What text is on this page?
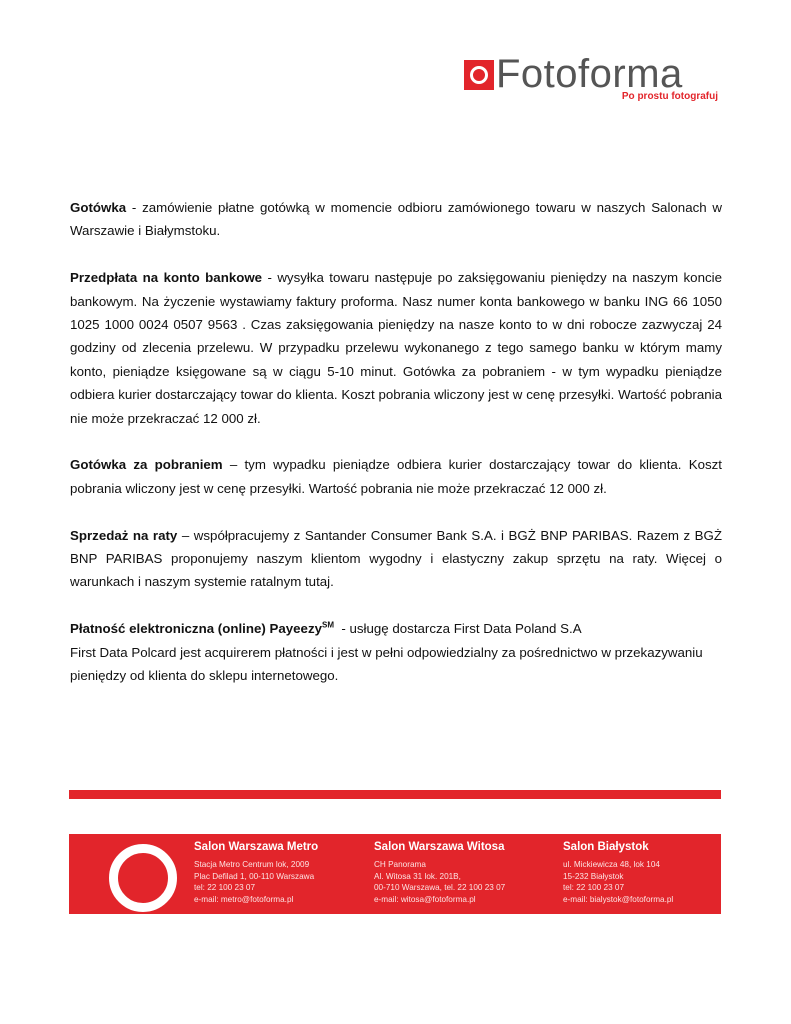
Fotoforma
Po prostu fotografuj

Gotówka - zamówienie płatne gotówką w momencie odbioru zamówionego towaru w naszych Salonach w Warszawie i Białymstoku.

Przedpłata na konto bankowe - wysyłka towaru następuje po zaksięgowaniu pieniędzy na naszym koncie bankowym. Na życzenie wystawiamy faktury proforma. Nasz numer konta bankowego w banku ING 66 1050 1025 1000 0024 0507 9563 . Czas zaksięgowania pieniędzy na nasze konto to w dni robocze zazwyczaj 24 godziny od zlecenia przelewu. W przypadku przelewu wykonanego z tego samego banku w którym mamy konto, pieniądze księgowane są w ciągu 5-10 minut. Gotówka za pobraniem - w tym wypadku pieniądze odbiera kurier dostarczający towar do klienta. Koszt pobrania wliczony jest w cenę przesyłki. Wartość pobrania nie może przekraczać 12 000 zł.

Gotówka za pobraniem – tym wypadku pieniądze odbiera kurier dostarczający towar do klienta. Koszt pobrania wliczony jest w cenę przesyłki. Wartość pobrania nie może przekraczać 12 000 zł.

Sprzedaż na raty – współpracujemy z Santander Consumer Bank S.A. i BGŻ BNP PARIBAS. Razem z BGŻ BNP PARIBAS proponujemy naszym klientom wygodny i elastyczny zakup sprzętu na raty. Więcej o warunkach i naszym systemie ratalnym tutaj.

Płatność elektroniczna (online) Payeezy℠  - usługę dostarcza First Data Poland S.A
First Data Polcard jest acquirerem płatności i jest w pełni odpowiedzialny za pośrednictwo w przekazywaniu pieniędzy od klienta do sklepu internetowego.

Salon Warszawa Metro
Stacja Metro Centrum lok, 2009
Plac Defilad 1, 00-110 Warszawa
tel: 22 100 23 07
e-mail: metro@fotoforma.pl
Salon Warszawa Witosa
CH Panorama
Al. Witosa 31 lok. 201B,
00-710 Warszawa, tel. 22 100 23 07
e-mail: witosa@fotoforma.pl
Salon Białystok
ul. Mickiewicza 48, lok 104
15-232 Białystok
tel: 22 100 23 07
e-mail: bialystok@fotoforma.pl
